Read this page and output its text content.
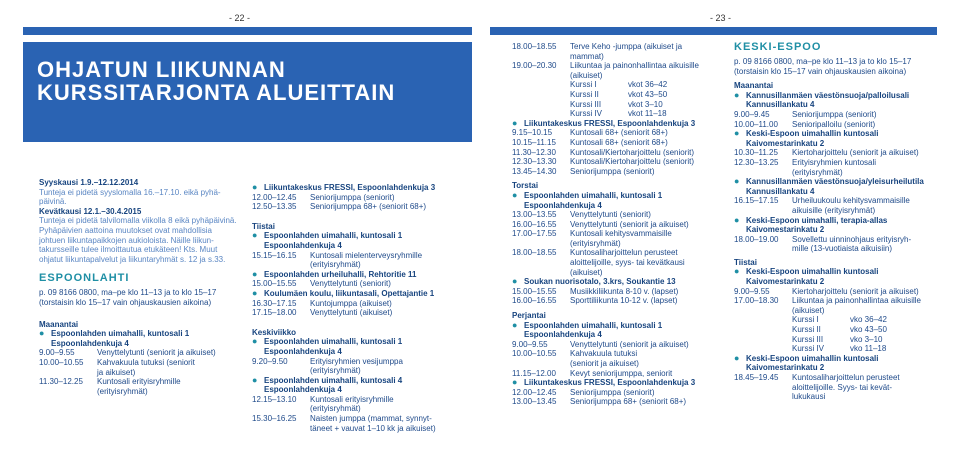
- 22 -	- 23 -
OHJATUN LIIKUNNAN
KURSSITARJONTA ALUEITTAIN
Syyskausi 1.9.–12.12.2014
Tunteja ei pidetä syyslomalla 16.–17.10. eikä pyhä-
päivinä.
Kevätkausi 12.1.–30.4.2015
Tunteja ei pidetä talvilomalla viikolla 8 eikä pyhäpäivinä.
Pyhäpäivien aattoina muutokset ovat mahdollisia
johtuen liikuntapaikkojen aukioloista. Näille liikun-
takursseille tulee ilmoittautua etukäteen! Kts. Muut
ohjatut liikuntapalvelut ja liikuntaryhmät s. 12 ja s.33.
ESPOONLAHTI
p. 09 8166 0800, ma–pe klo 11–13 ja to klo 15–17
(torstaisin klo 15–17 vain ohjauskausien aikoina)
Maanantai
● Espoonlahden uimahalli, kuntosali 1
Espoonlahdenkuja 4
9.00–9.55	Venyttelytunti (seniorit ja aikuiset)
10.00–10.55	Kahvakuula tutuksi (seniorit
ja aikuiset)
11.30–12.25	Kuntosali erityisryhmille
(erityisryhmät)
● Liikuntakeskus FRESSI, Espoonlahdenkuja 3
12.00–12.45	Seniorijumppa (seniorit)
12.50–13.35	Seniorijumppa 68+ (seniorit 68+)
Tiistai
● Espoonlahden uimahalli, kuntosali 1
Espoonlahdenkuja 4
15.15–16.15	Kuntosali mielenterveysryhmille
(erityisryhmät)
● Espoonlahden urheiluhalli, Rehtoritie 11
15.00–15.55	Venyttelytunti (seniorit)
● Koulumäen koulu, liikuntasali, Opettajantie 1
16.30–17.15	Kuntojumppa (aikuiset)
17.15–18.00	Venyttelytunti (aikuiset)
Keskiviikko
● Espoonlahden uimahalli, kuntosali 1
Espoonlahdenkuja 4
9.20–9.50	Erityisryhmien vesijumppa
(erityisryhmät)
● Espoonlahden uimahalli, kuntosali 4
Espoonlahdenkuja 4
12.15–13.10	Kuntosali erityisryhmille
(erityisryhmät)
15.30–16.25	Naisten jumppa (mammat, synnyt-
täneet + vauvat 1–10 kk ja aikuiset)
18.00–18.55	Terve Keho -jumppa (aikuiset ja
mammat)
19.00–20.30	Liikuntaa ja painonhallintaa aikuisille
(aikuiset)
Kurssi I	vkot 36–42
Kurssi II	vkot 43–50
Kurssi III	vkot 3–10
Kurssi IV	vkot 11–18
● Liikuntakeskus FRESSI, Espoonlahdenkuja 3
9.15–10.15	Kuntosali 68+ (seniorit 68+)
10.15–11.15	Kuntosali 68+ (seniorit 68+)
11.30–12.30	Kuntosali/Kiertoharjoittelu (seniorit)
12.30–13.30	Kuntosali/Kiertoharjoittelu (seniorit)
13.45–14.30	Seniorijumppa (seniorit)
Torstai
● Espoonlahden uimahalli, kuntosali 1
Espoonlahdenkuja 4
13.00–13.55	Venyttelytunti (seniorit)
16.00–16.55	Venyttelytunti (seniorit ja aikuiset)
17.00–17.55	Kuntosali kehitysvammaisille
(erityisryhmät)
18.00–18.55	Kuntosaliharjoittelun perusteet
aloittelijoille, syys- tai kevätkausi
(aikuiset)
● Soukan nuorisotalo, 3.krs, Soukantie 13
15.00–15.55	Musiikkiliikunta 8-10 v. (lapset)
16.00–16.55	Sporttiliikunta 10-12 v. (lapset)
Perjantai
● Espoonlahden uimahalli, kuntosali 1
Espoonlahdenkuja 4
9.00–9.55	Venyttelytunti (seniorit ja aikuiset)
10.00–10.55	Kahvakuula tutuksi
(seniorit ja aikuiset)
11.15–12.00	Kevyt seniorijumppa, seniorit
● Liikuntakeskus FRESSI, Espoonlahdenkuja 3
12.00–12.45	Seniorijumppa (seniorit)
13.00–13.45	Seniorijumppa 68+ (seniorit 68+)
KESKI-ESPOO
p. 09 8166 0800, ma–pe klo 11–13 ja to klo 15–17
(torstaisin klo 15–17 vain ohjauskausien aikoina)
Maanantai
● Kannusillanmäen väestönsuoja/palloilusali
Kannusillankatu 4
9.00–9.45	Seniorijumppa (seniorit)
10.00–11.00	Senioripalloilu (seniorit)
● Keski-Espoon uimahallin kuntosali
Kaivomestarinkatu 2
10.30–11.25	Kiertoharjoittelu (seniorit ja aikuiset)
12.30–13.25	Erityisryhmien kuntosali
(erityisryhmät)
● Kannusillanmäen väestönsuoja/yleisurheilutila
Kannusillankatu 4
16.15–17.15	Urheiluukoulu kehitysvammaisille
aikuisille (erityisryhmät)
● Keski-Espoon uimahalli, terapia-allas
Kaivomestarinkatu 2
18.00–19.00	Sovellettu uinninohjaus erityisryh-
mille (13-vuotiaista aikuisiin)
Tiistai
● Keski-Espoon uimahallin kuntosali
Kaivomestarinkatu 2
9.00–9.55	Kiertoharjoittelu (seniorit ja aikuiset)
17.00–18.30	Liikuntaa ja painonhallintaa aikuisille
(aikuiset)
Kurssi I	vko 36–42
Kurssi II	vko 43–50
Kurssi III	vko 3–10
Kurssi IV	vko 11–18
● Keski-Espoon uimahallin kuntosali
Kaivomestarinkatu 2
18.45–19.45	Kuntosaliharjoittelun perusteet
aloittelijoille. Syys- tai kevät-
lukukausi
